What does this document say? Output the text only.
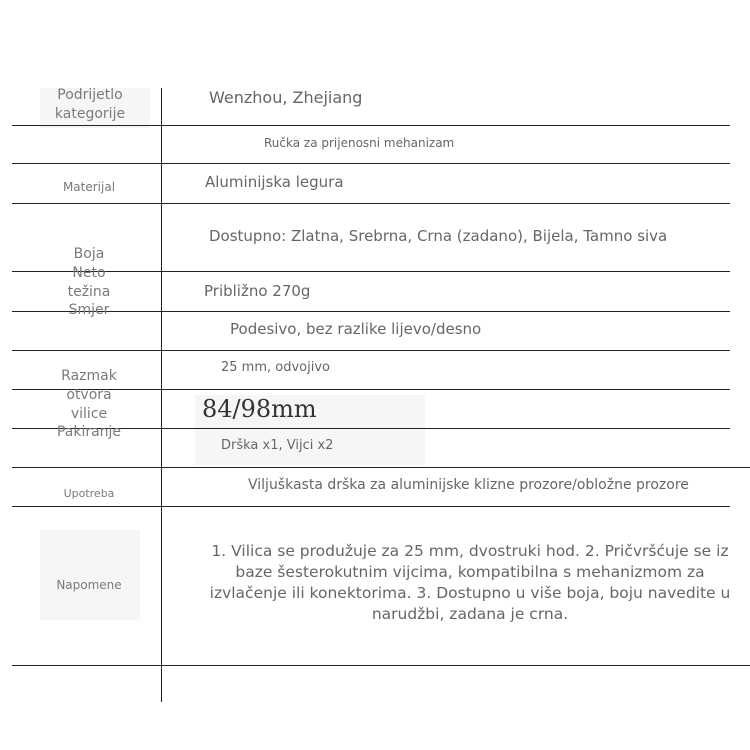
Podrijetlo kategorije
Materijal
Boja
Neto težina
Smjer
Razmak
otvora vilice
Pakiranje
Upotreba
Napomene
Wenzhou, Zhejiang
Ručka za prijenosni mehanizam
Aluminijska legura
Dostupno: Zlatna, Srebrna, Crna (zadano), Bijela, Tamno siva
Približno 270g
Podesivo, bez razlike lijevo/desno
25 mm, odvojivo
84/98mm
Drška x1, Vijci x2
Viljuškasta drška za aluminijske klizne prozore/obložne prozore
1. Vilica se produžuje za 25 mm, dvostruki hod. 2. Pričvršćuje se iz baze šesterokutnim vijcima, kompatibilna s mehanizmom za izvlačenje ili konektorima. 3. Dostupno u više boja, boju navedite u narudžbi, zadana je crna.
